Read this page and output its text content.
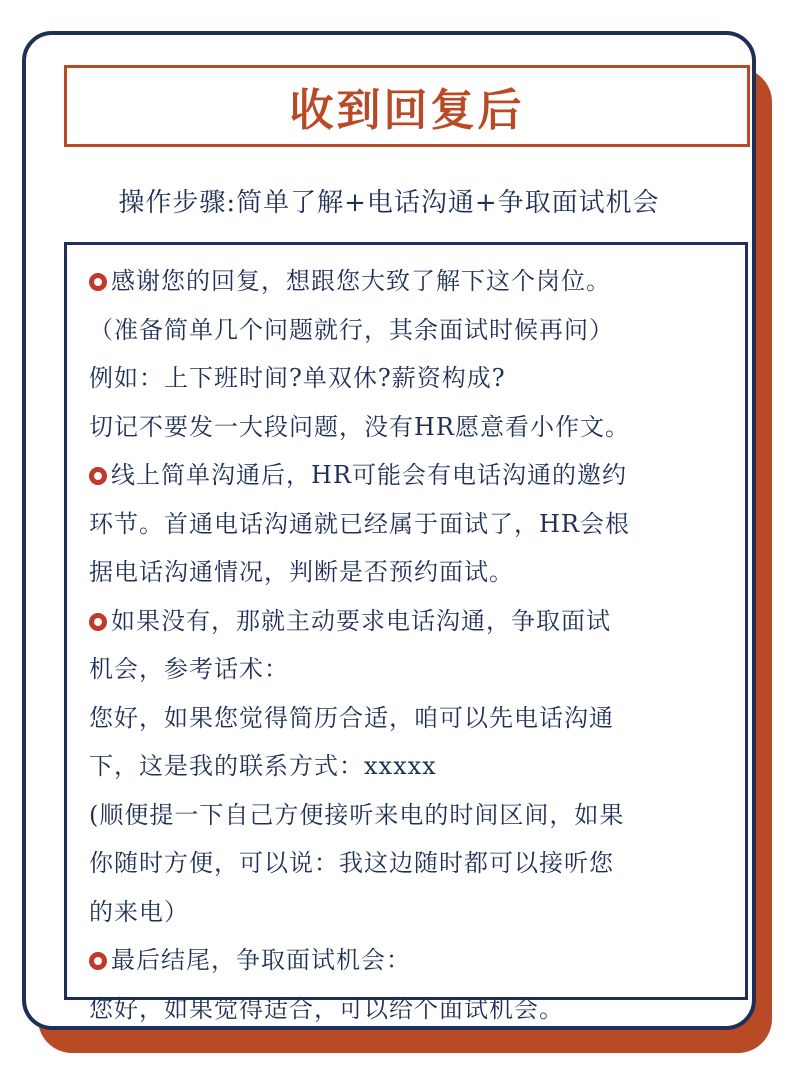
收到回复后
操作步骤:简单了解+电话沟通+争取面试机会
感谢您的回复，想跟您大致了解下这个岗位。
（准备简单几个问题就行，其余面试时候再问）
例如：上下班时间?单双休?薪资构成?
切记不要发一大段问题，没有HR愿意看小作文。
线上简单沟通后，HR可能会有电话沟通的邀约
环节。首通电话沟通就已经属于面试了，HR会根
据电话沟通情况，判断是否预约面试。
如果没有，那就主动要求电话沟通，争取面试
机会，参考话术：
您好，如果您觉得简历合适，咱可以先电话沟通
下，这是我的联系方式：xxxxx
(顺便提一下自己方便接听来电的时间区间，如果
你随时方便，可以说：我这边随时都可以接听您
的来电）
最后结尾，争取面试机会：
您好，如果觉得适合，可以给个面试机会。
